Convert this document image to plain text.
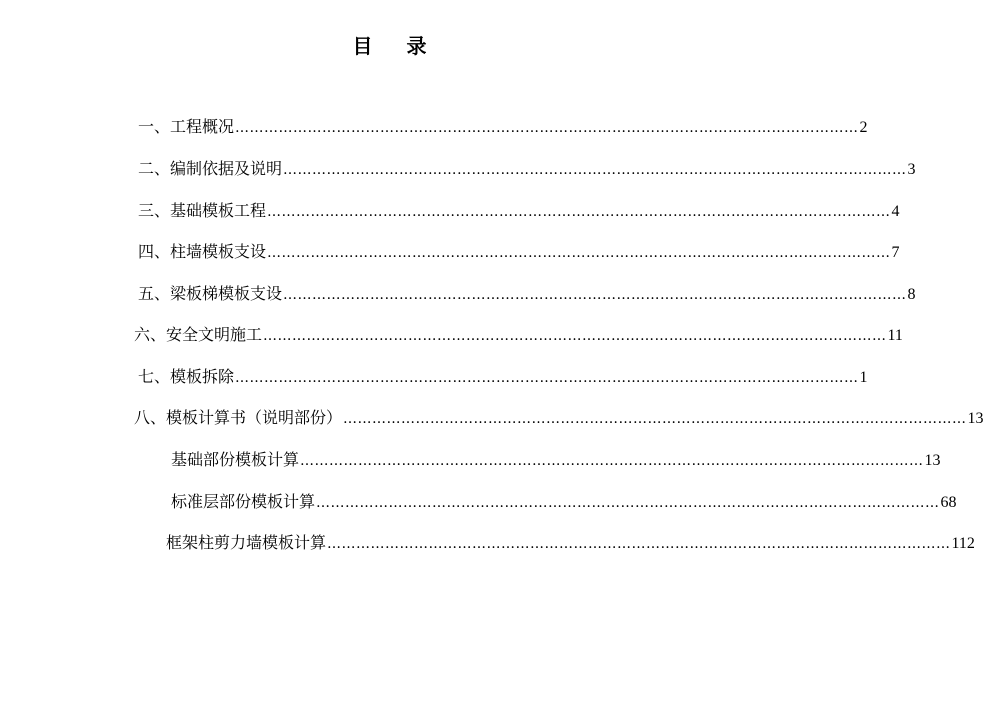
目 录
一、工程概况 ………………………………………………………………………………………………………………… 2
二、编制依据及说明 ………………………………………………………………………………………………………………… 3
三、基础模板工程 ………………………………………………………………………………………………………………… 4
四、柱墙模板支设 ………………………………………………………………………………………………………………… 7
五、梁板梯模板支设 ………………………………………………………………………………………………………………… 8
六、安全文明施工 ………………………………………………………………………………………………………………… 11
七、模板拆除 ………………………………………………………………………………………………………………… 1
八、模板计算书（说明部份） ………………………………………………………………………………………………………………… 13
基础部份模板计算 ………………………………………………………………………………………………………………… 13
标准层部份模板计算 ………………………………………………………………………………………………………………… 68
框架柱剪力墙模板计算 ………………………………………………………………………………………………………………… 112
